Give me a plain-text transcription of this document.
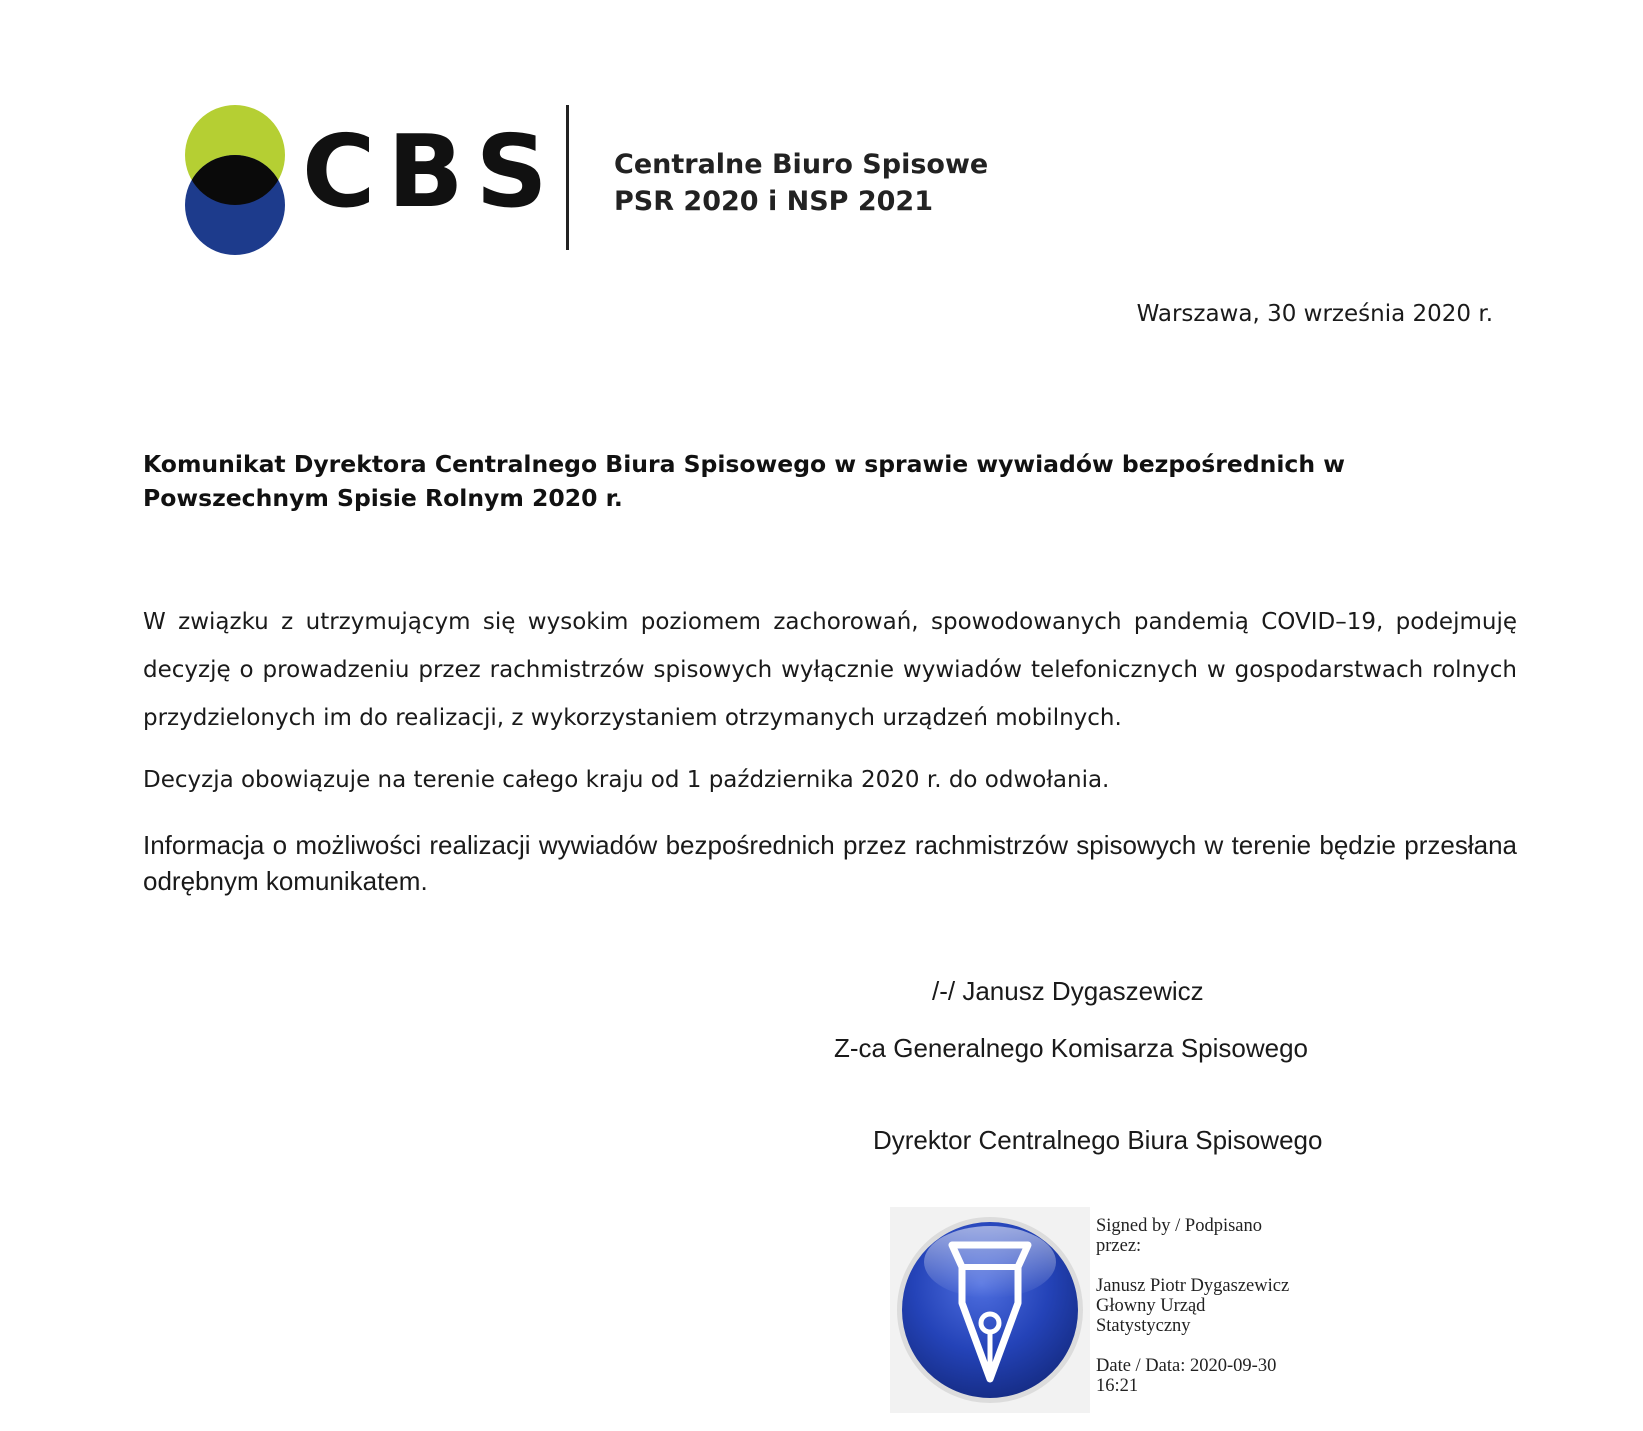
CBS Centralne Biuro Spisowe
PSR 2020 i NSP 2021
Warszawa, 30 września 2020 r.
Komunikat Dyrektora Centralnego Biura Spisowego w sprawie wywiadów bezpośrednich w Powszechnym Spisie Rolnym 2020 r.
W związku z utrzymującym się wysokim poziomem zachorowań, spowodowanych pandemią COVID–19, podejmuję decyzję o prowadzeniu przez rachmistrzów spisowych wyłącznie wywiadów telefonicznych w gospodarstwach rolnych przydzielonych im do realizacji, z wykorzystaniem otrzymanych urządzeń mobilnych.
Decyzja obowiązuje na terenie całego kraju od 1 października 2020 r. do odwołania.
Informacja o możliwości realizacji wywiadów bezpośrednich przez rachmistrzów spisowych w terenie będzie przesłana odrębnym komunikatem.
/-/ Janusz Dygaszewicz
Z-ca Generalnego Komisarza Spisowego
Dyrektor Centralnego Biura Spisowego
Signed by / Podpisano
przez:
Janusz Piotr Dygaszewicz
Głowny Urząd
Statystyczny
Date / Data: 2020-09-30
16:21
